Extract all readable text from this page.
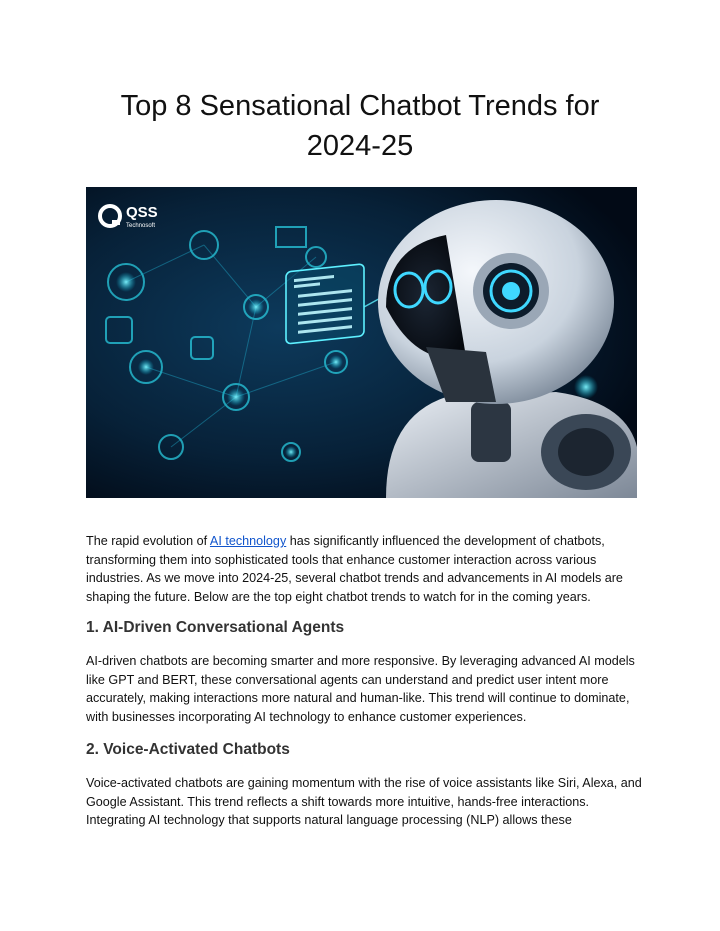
Top 8 Sensational Chatbot Trends for
2024-25
QSS
Technosoft

The rapid evolution of AI technology has significantly influenced the development of chatbots, transforming them into sophisticated tools that enhance customer interaction across various industries. As we move into 2024-25, several chatbot trends and advancements in AI models are shaping the future. Below are the top eight chatbot trends to watch for in the coming years.

1. AI-Driven Conversational Agents

AI-driven chatbots are becoming smarter and more responsive. By leveraging advanced AI models like GPT and BERT, these conversational agents can understand and predict user intent more accurately, making interactions more natural and human-like. This trend will continue to dominate, with businesses incorporating AI technology to enhance customer experiences.

2. Voice-Activated Chatbots

Voice-activated chatbots are gaining momentum with the rise of voice assistants like Siri, Alexa, and Google Assistant. This trend reflects a shift towards more intuitive, hands-free interactions. Integrating AI technology that supports natural language processing (NLP) allows these
